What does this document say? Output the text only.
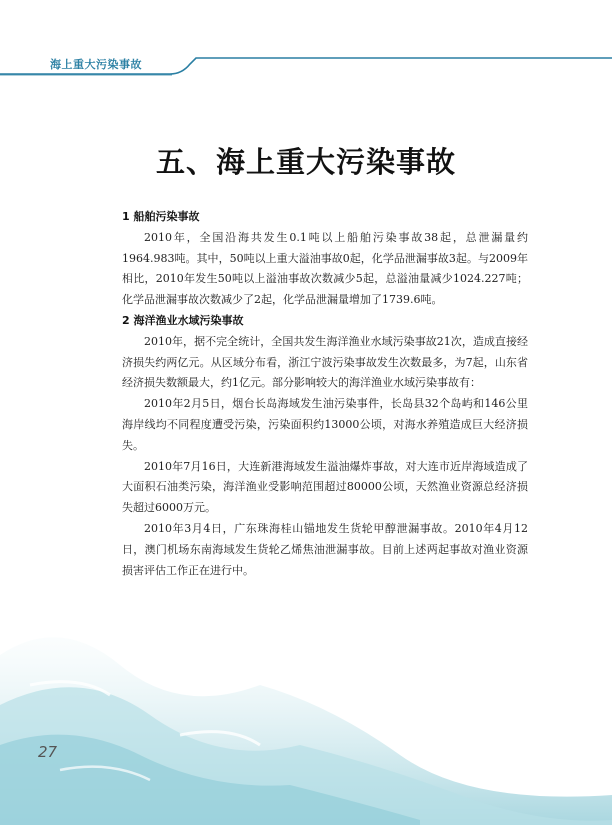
海上重大污染事故
五、海上重大污染事故
1 船舶污染事故

2010年，全国沿海共发生0.1吨以上船舶污染事故38起，总泄漏量约1964.983吨。其中，50吨以上重大溢油事故0起，化学品泄漏事故3起。与2009年相比，2010年发生50吨以上溢油事故次数减少5起，总溢油量减少1024.227吨；化学品泄漏事故次数减少了2起，化学品泄漏量增加了1739.6吨。

2 海洋渔业水域污染事故

2010年，据不完全统计，全国共发生海洋渔业水域污染事故21次，造成直接经济损失约两亿元。从区域分布看，浙江宁波污染事故发生次数最多，为7起，山东省经济损失数额最大，约1亿元。部分影响较大的海洋渔业水域污染事故有：

2010年2月5日，烟台长岛海域发生油污染事件，长岛县32个岛屿和146公里海岸线均不同程度遭受污染，污染面积约13000公顷，对海水养殖造成巨大经济损失。

2010年7月16日，大连新港海域发生溢油爆炸事故，对大连市近岸海域造成了大面积石油类污染，海洋渔业受影响范围超过80000公顷，天然渔业资源总经济损失超过6000万元。

2010年3月4日，广东珠海桂山锚地发生货轮甲醇泄漏事故。2010年4月12日，澳门机场东南海域发生货轮乙烯焦油泄漏事故。目前上述两起事故对渔业资源损害评估工作正在进行中。

27
